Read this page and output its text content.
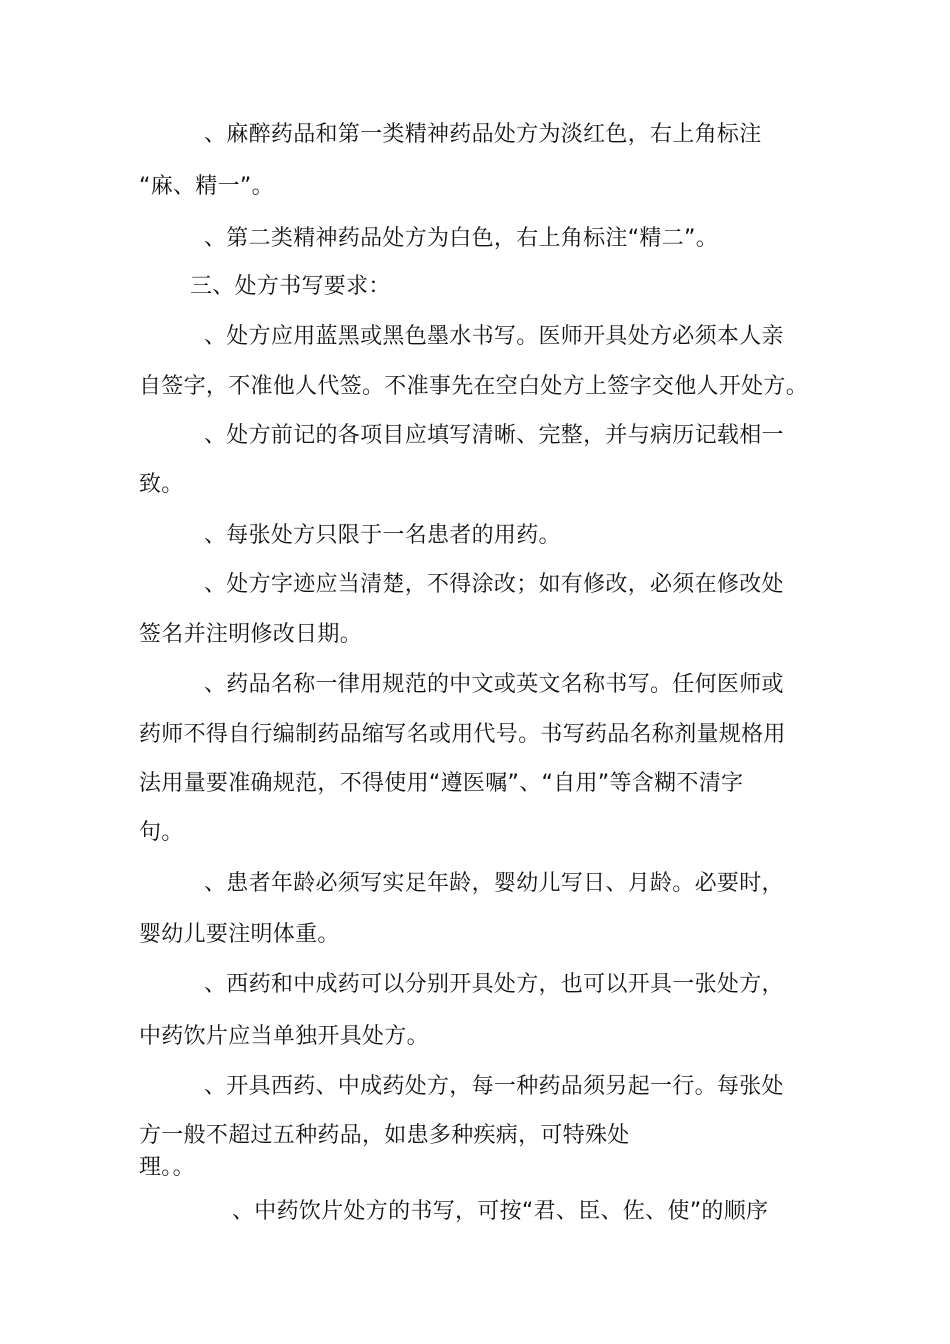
、麻醉药品和第一类精神药品处方为淡红色，右上角标注
“麻、精一”。
、第二类精神药品处方为白色，右上角标注“精二”。
三、处方书写要求：
、处方应用蓝黑或黑色墨水书写。医师开具处方必须本人亲
自签字，不准他人代签。不准事先在空白处方上签字交他人开处方。
、处方前记的各项目应填写清晰、完整，并与病历记载相一
致。
、每张处方只限于一名患者的用药。
、处方字迹应当清楚，不得涂改；如有修改，必须在修改处
签名并注明修改日期。
、药品名称一律用规范的中文或英文名称书写。任何医师或
药师不得自行编制药品缩写名或用代号。书写药品名称剂量规格用
法用量要准确规范，不得使用“遵医嘱”、“自用”等含糊不清字
句。
、患者年龄必须写实足年龄，婴幼儿写日、月龄。必要时，
婴幼儿要注明体重。
、西药和中成药可以分别开具处方，也可以开具一张处方，
中药饮片应当单独开具处方。
、开具西药、中成药处方，每一种药品须另起一行。每张处
方一般不超过五种药品，如患多种疾病，可特殊处
理。。
、中药饮片处方的书写，可按“君、臣、佐、使”的顺序
